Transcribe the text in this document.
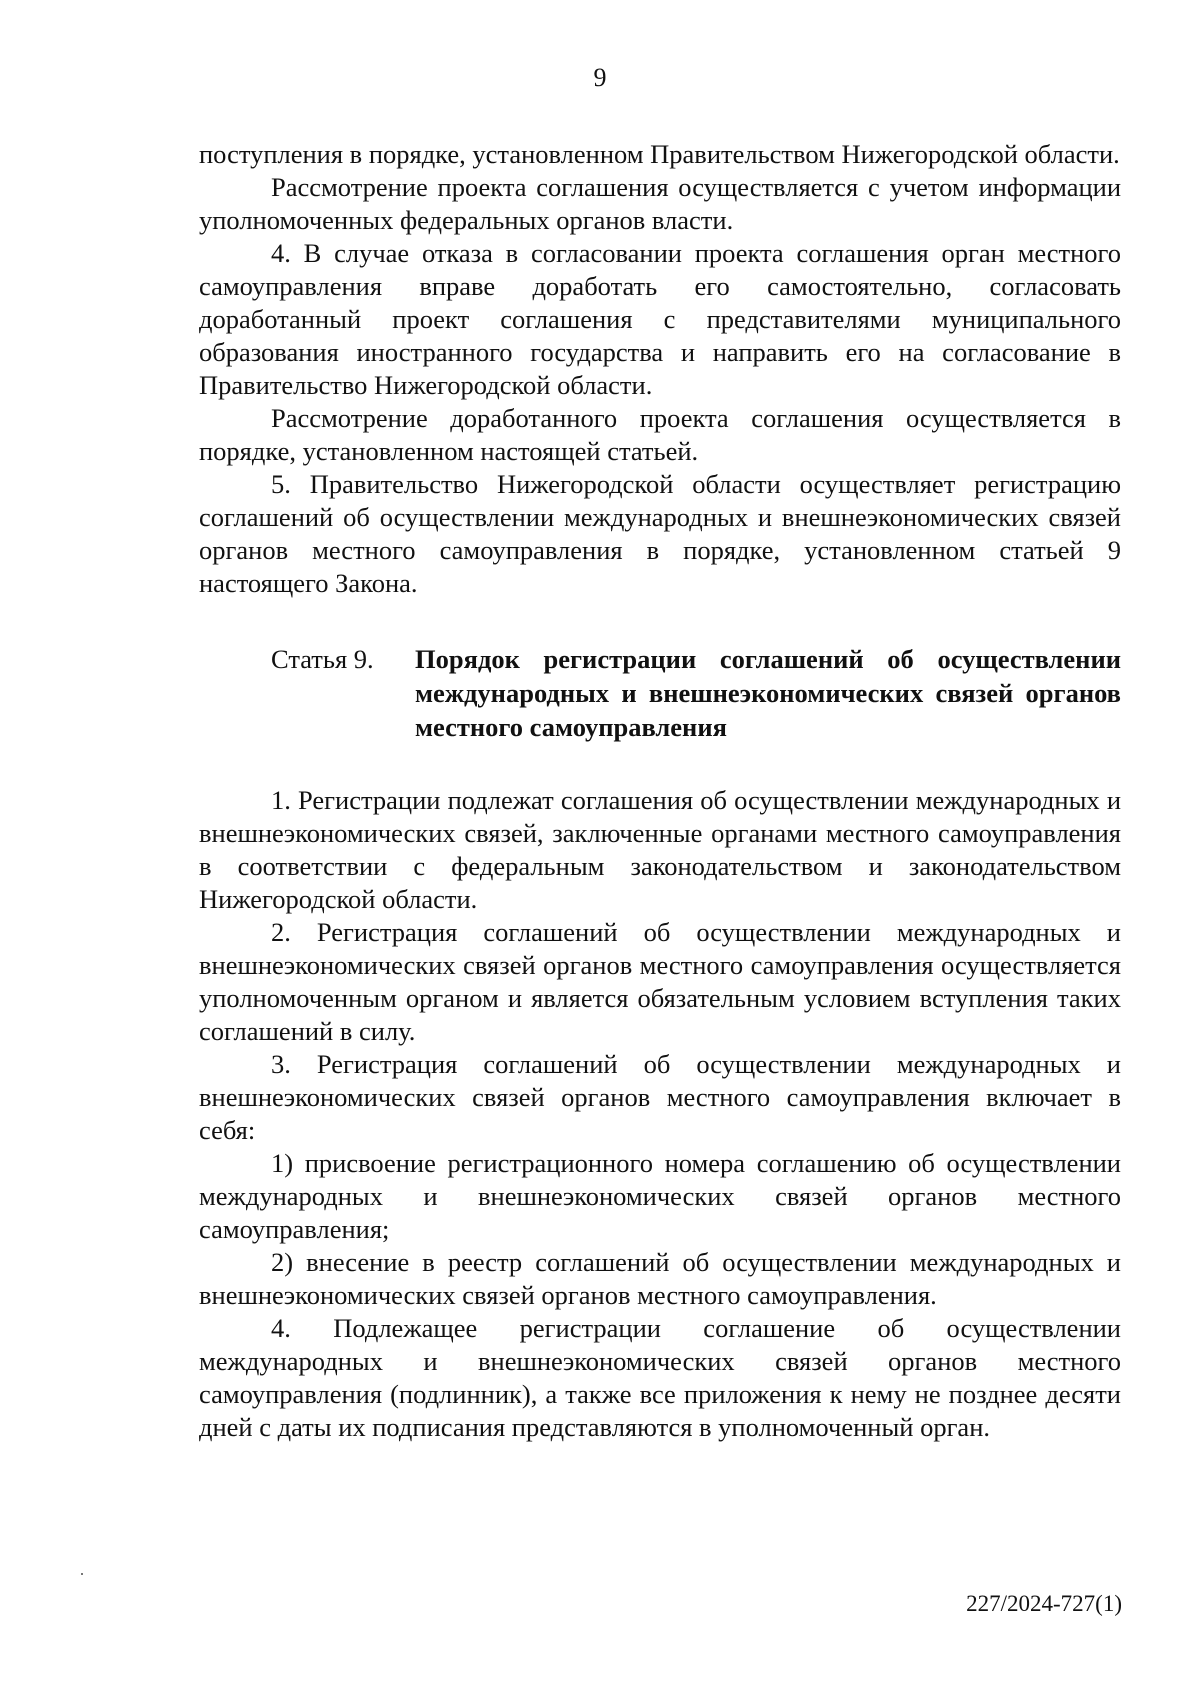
9

поступления в порядке, установленном Правительством Нижегородской области.

Рассмотрение проекта соглашения осуществляется с учетом информации уполномоченных федеральных органов власти.

4. В случае отказа в согласовании проекта соглашения орган местного самоуправления вправе доработать его самостоятельно, согласовать доработанный проект соглашения с представителями муниципального образования иностранного государства и направить его на согласование в Правительство Нижегородской области.

Рассмотрение доработанного проекта соглашения осуществляется в порядке, установленном настоящей статьей.

5. Правительство Нижегородской области осуществляет регистрацию соглашений об осуществлении международных и внешнеэкономических связей органов местного самоуправления в порядке, установленном статьей 9 настоящего Закона.

Статья 9.	Порядок регистрации соглашений об осуществлении международных и внешнеэкономических связей органов местного самоуправления

1. Регистрации подлежат соглашения об осуществлении международных и внешнеэкономических связей, заключенные органами местного самоуправления в соответствии с федеральным законодательством и законодательством Нижегородской области.

2. Регистрация соглашений об осуществлении международных и внешнеэкономических связей органов местного самоуправления осуществляется уполномоченным органом и является обязательным условием вступления таких соглашений в силу.

3. Регистрация соглашений об осуществлении международных и внешнеэкономических связей органов местного самоуправления включает в себя:

1) присвоение регистрационного номера соглашению об осуществлении международных и внешнеэкономических связей органов местного самоуправления;

2) внесение в реестр соглашений об осуществлении международных и внешнеэкономических связей органов местного самоуправления.

4. Подлежащее регистрации соглашение об осуществлении международных и внешнеэкономических связей органов местного самоуправления (подлинник), а также все приложения к нему не позднее десяти дней с даты их подписания представляются в уполномоченный орган.

227/2024-727(1)
